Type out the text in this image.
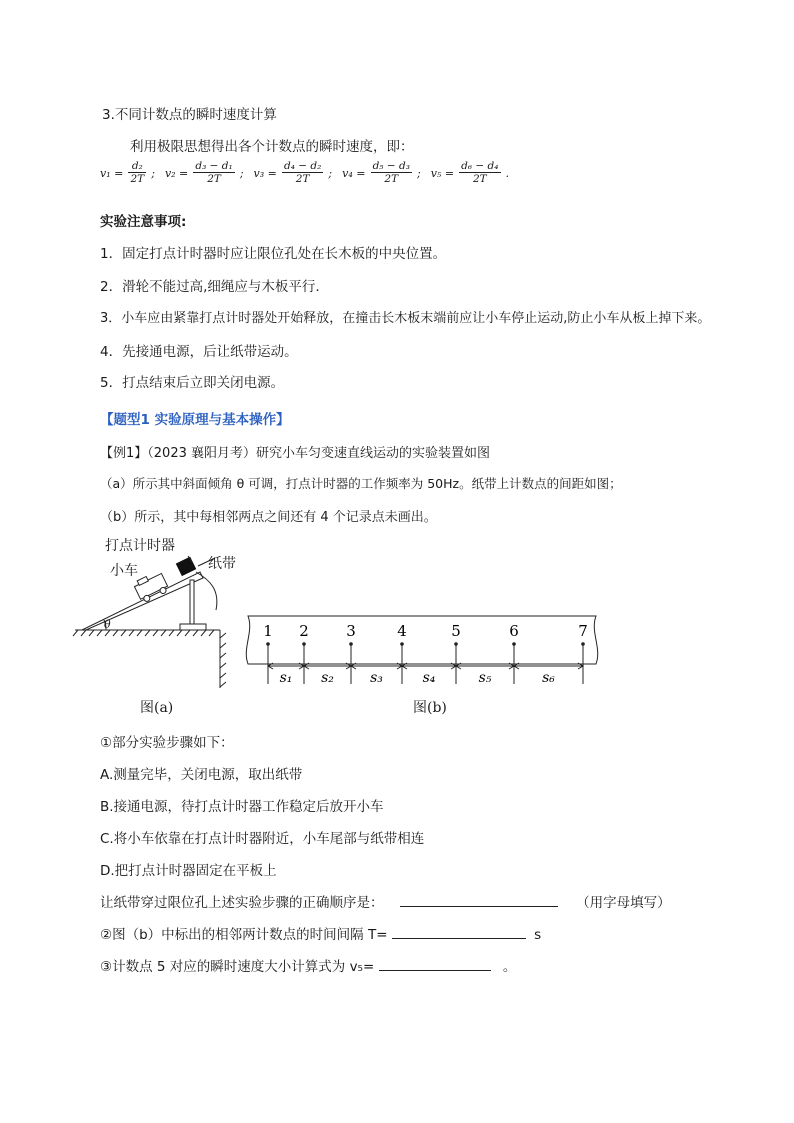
3.不同计数点的瞬时速度计算
利用极限思想得出各个计数点的瞬时速度，即：
$v_1 = \frac{\text{d₂}}{2T}$ ; $v_2 = \frac{\text{d₃ − d₁}}{2T}$ ; $v_3 = \frac{\text{d₄ − d₂}}{2T}$ ; $v_4 = \frac{\text{d₅ − d₃}}{2T}$ ; $v_5 = \frac{\text{d₆ − d₄}}{2T}$ .
实验注意事项:
1．固定打点计时器时应让限位孔处在长木板的中央位置。
2．滑轮不能过高,细绳应与木板平行.
3．小车应由紧靠打点计时器处开始释放，在撞击长木板末端前应让小车停止运动,防止小车从板上掉下来。
4．先接通电源，后让纸带运动。
5．打点结束后立即关闭电源。
【题型1 实验原理与基本操作】
【例1】（2023 襄阳月考）研究小车匀变速直线运动的实验装置如图
（a）所示其中斜面倾角 θ 可调，打点计时器的工作频率为 50Hz。纸带上计数点的间距如图；
（b）所示，其中每相邻两点之间还有 4 个记录点未画出。
打点计时器
小车	纸带
θ
图(a)
1 2 3	4	5	6	7
s₁ s₂	s₃	s₄	s₅	s₆
图(b)
①部分实验步骤如下：
A.测量完毕，关闭电源，取出纸带
B.接通电源，待打点计时器工作稳定后放开小车
C.将小车依靠在打点计时器附近，小车尾部与纸带相连
D.把打点计时器固定在平板上
让纸带穿过限位孔上述实验步骤的正确顺序是：	（用字母填写）
②图（b）中标出的相邻两计数点的时间间隔 T=	s
③计数点 5 对应的瞬时速度大小计算式为 v₅=	。
